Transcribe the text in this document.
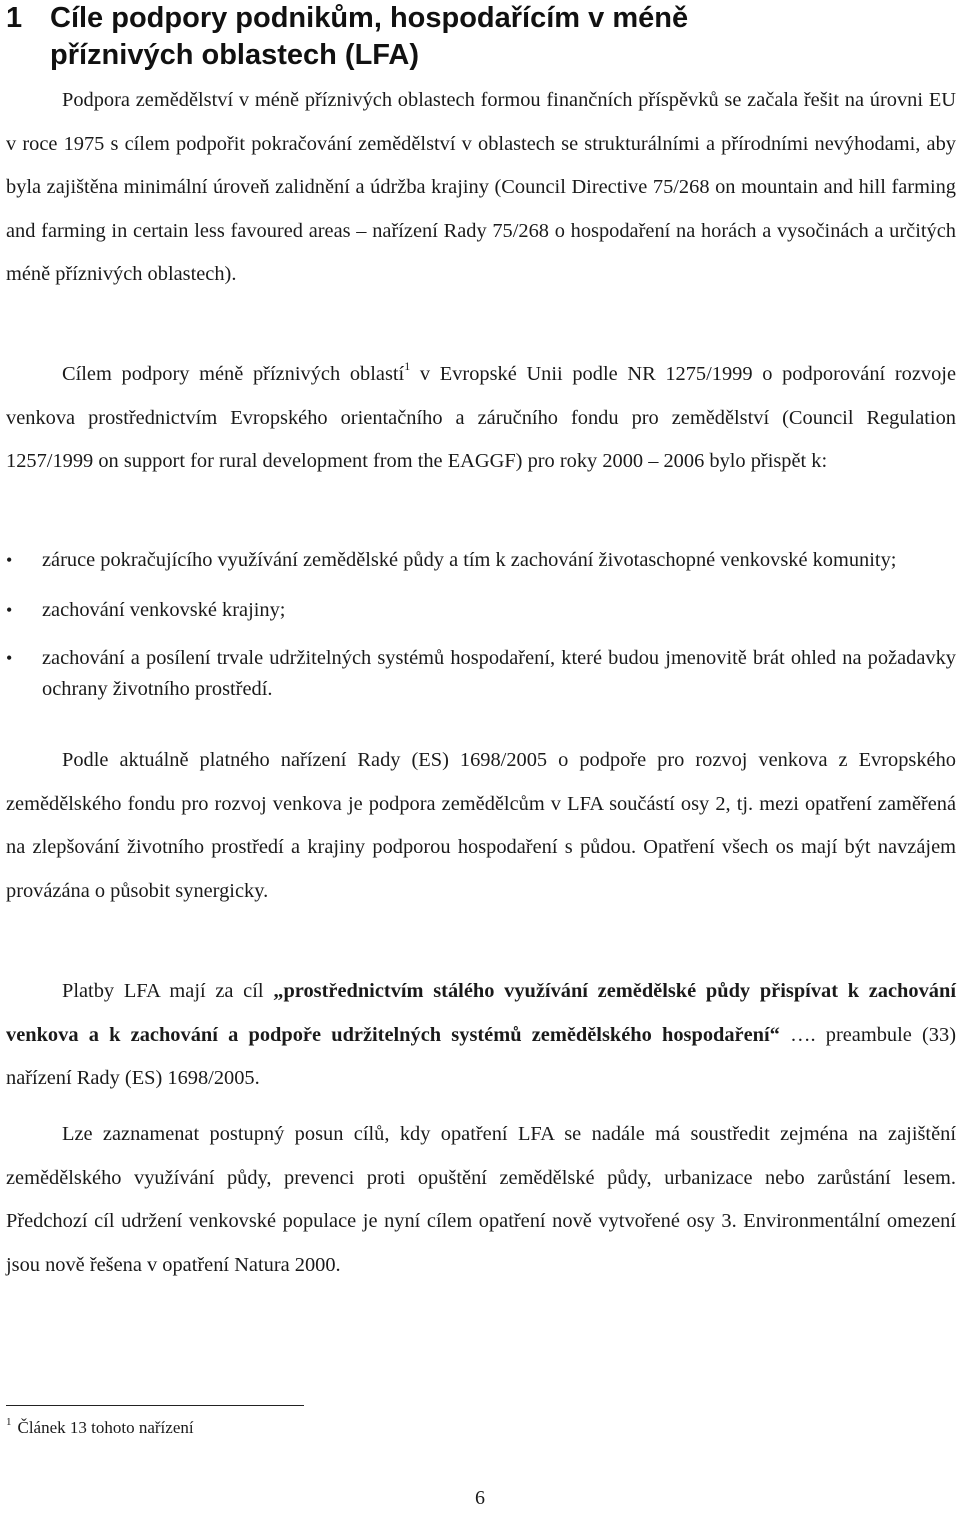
1 Cíle podpory podnikům, hospodařícím v méně
příznivých oblastech (LFA)

Podpora zemědělství v méně příznivých oblastech formou finančních příspěvků se začala řešit na úrovni EU v roce 1975 s cílem podpořit pokračování zemědělství v oblastech se strukturálními a přírodními nevýhodami, aby byla zajištěna minimální úroveň zalidnění a údržba krajiny (Council Directive 75/268 on mountain and hill farming and farming in certain less favoured areas – nařízení Rady 75/268 o hospodaření na horách a vysočinách a určitých méně příznivých oblastech).

Cílem podpory méně příznivých oblastí$^1$ v Evropské Unii podle NR 1275/1999 o podporování rozvoje venkova prostřednictvím Evropského orientačního a záručního fondu pro zemědělství (Council Regulation 1257/1999 on support for rural development from the EAGGF) pro roky 2000 – 2006 bylo přispět k:

• záruce pokračujícího využívání zemědělské půdy a tím k zachování životaschopné venkovské komunity;
• zachování venkovské krajiny;
• zachování a posílení trvale udržitelných systémů hospodaření, které budou jmenovitě brát ohled na požadavky ochrany životního prostředí.

Podle aktuálně platného nařízení Rady (ES) 1698/2005 o podpoře pro rozvoj venkova z Evropského zemědělského fondu pro rozvoj venkova je podpora zemědělcům v LFA součástí osy 2, tj. mezi opatření zaměřená na zlepšování životního prostředí a krajiny podporou hospodaření s půdou. Opatření všech os mají být navzájem provázána o působit synergicky.

Platby LFA mají za cíl „prostřednictvím stálého využívání zemědělské půdy přispívat k zachování venkova a k zachování a podpoře udržitelných systémů zemědělského hospodaření“ …. preambule (33) nařízení Rady (ES) 1698/2005.

Lze zaznamenat postupný posun cílů, kdy opatření LFA se nadále má soustředit zejména na zajištění zemědělského využívání půdy, prevenci proti opuštění zemědělské půdy, urbanizace nebo zarůstání lesem. Předchozí cíl udržení venkovské populace je nyní cílem opatření nově vytvořené osy 3. Environmentální omezení jsou nově řešena v opatření Natura 2000.

$^1$ Článek 13 tohoto nařízení
6
